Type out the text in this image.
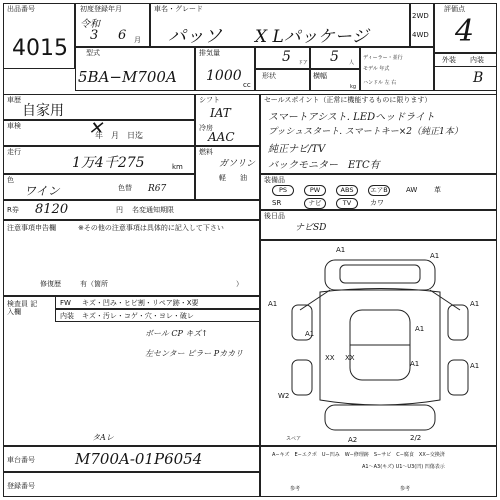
出品番号
4015
初度登録年月
令和
3 6 月
車名・グレード
パッソ X Lパッケージ
2WD
4WD
評価点
4
型式
5BA−M700A
排気量
1000
cc
5 ドア 5 人
形状	横幅
kg
ディーラー・並行
モデル 年式
ハンドル 左 右
外装 内装
B
車歴
自家用
車検
年　月　日迄
✕
シフト
IAT
冷房
AAC
走行
1万4千275	km
燃料
ガソリン
軽 油
色
ワイン	色替 R67
R券 8120	円 名変通知期限
セールスポイント（正常に機能するものに限ります）
スマートアシスト. LEDヘッドライト
プッシュスタート. スマートキー×2（純正1本）
純正ナビ/TV
バックモニター　ETC有
装備品
PS	PW	ABS	エアB	AW 革
SR	ナビ	TV	カワ
後日品
ナビSD
注意事項申告欄	※その他の注意事項は具体的に記入して下さい
修復歴	有（箇所	）
検査員 記入欄
FW キズ・凹み・ヒビ割・リペア跡・X要
内装 キズ・汚レ・コゲ・穴・ヨレ・破レ
ボール CP キズ↑
左センター ピラー Pカカリ
タAレ
A1
A1
A1	A1
A1
A1
A1	A1
XX XX
W2
A2	2/2
スペア
車台番号	M700A-01P6054
登録番号
A−キズ　E−エクボ　U−凹み　W−修理跡　S−サビ　C−腐食　XX−交換済
A1〜A3(キズ) U1〜U3(凹) 凹傷表示
参考	参考
